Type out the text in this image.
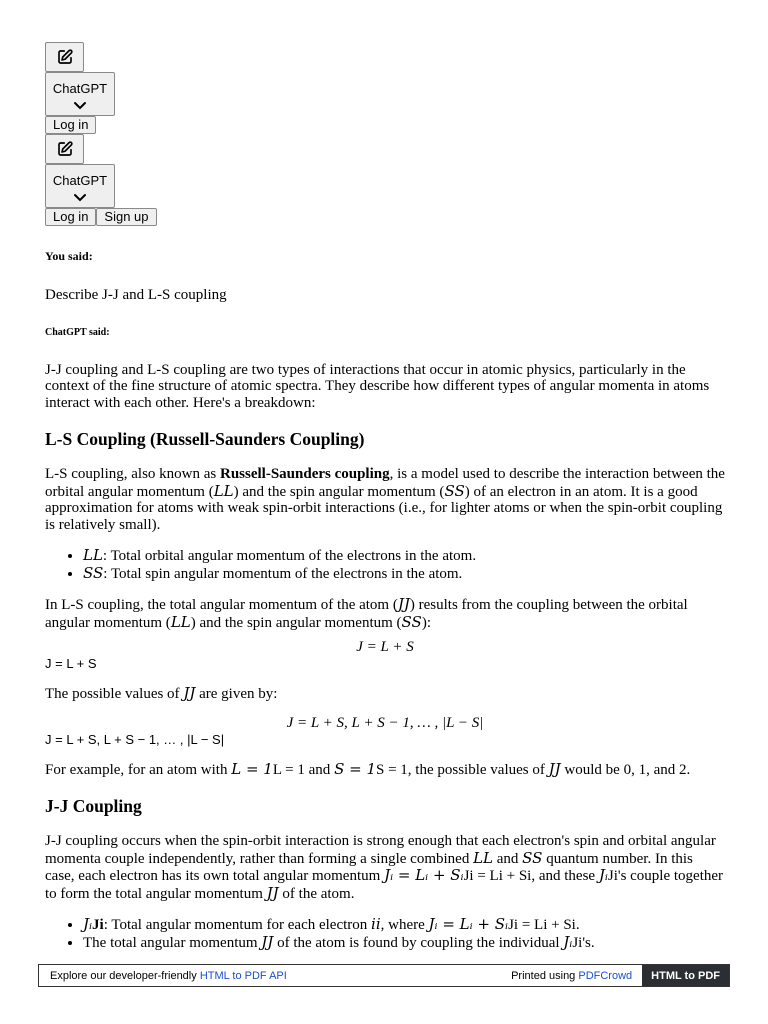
ChatGPT
Log in
ChatGPT
Log in	Sign up

You said:

Describe J-J and L-S coupling

ChatGPT said:

J-J coupling and L-S coupling are two types of interactions that occur in atomic physics, particularly in the context of the fine structure of atomic spectra. They describe how different types of angular momenta in atoms interact with each other. Here's a breakdown:

L-S Coupling (Russell-Saunders Coupling)

L-S coupling, also known as Russell-Saunders coupling, is a model used to describe the interaction between the orbital angular momentum (LL) and the spin angular momentum (SS) of an electron in an atom. It is a good approximation for atoms with weak spin-orbit interactions (i.e., for lighter atoms or when the spin-orbit coupling is relatively small).

• LL: Total orbital angular momentum of the electrons in the atom.
• SS: Total spin angular momentum of the electrons in the atom.

In L-S coupling, the total angular momentum of the atom (JJ) results from the coupling between the orbital angular momentum (LL) and the spin angular momentum (SS):

J = L + S
J = L + S

The possible values of JJ are given by:

J = L + S, L + S − 1, … , |L − S|
J = L + S, L + S − 1, … , |L − S|

For example, for an atom with L = 1L = 1 and S = 1S = 1, the possible values of JJ would be 0, 1, and 2.

J-J Coupling

J-J coupling occurs when the spin-orbit interaction is strong enough that each electron's spin and orbital angular momenta couple independently, rather than forming a single combined LL and SS quantum number. In this case, each electron has its own total angular momentum Jᵢ = Lᵢ + SᵢJi = Li + Si, and these JᵢJi's couple together to form the total angular momentum JJ of the atom.

• JᵢJi: Total angular momentum for each electron ii, where Jᵢ = Lᵢ + SᵢJi = Li + Si.
• The total angular momentum JJ of the atom is found by coupling the individual JᵢJi's.
Explore our developer-friendly HTML to PDF API	Printed using PDFCrowd	HTML to PDF
